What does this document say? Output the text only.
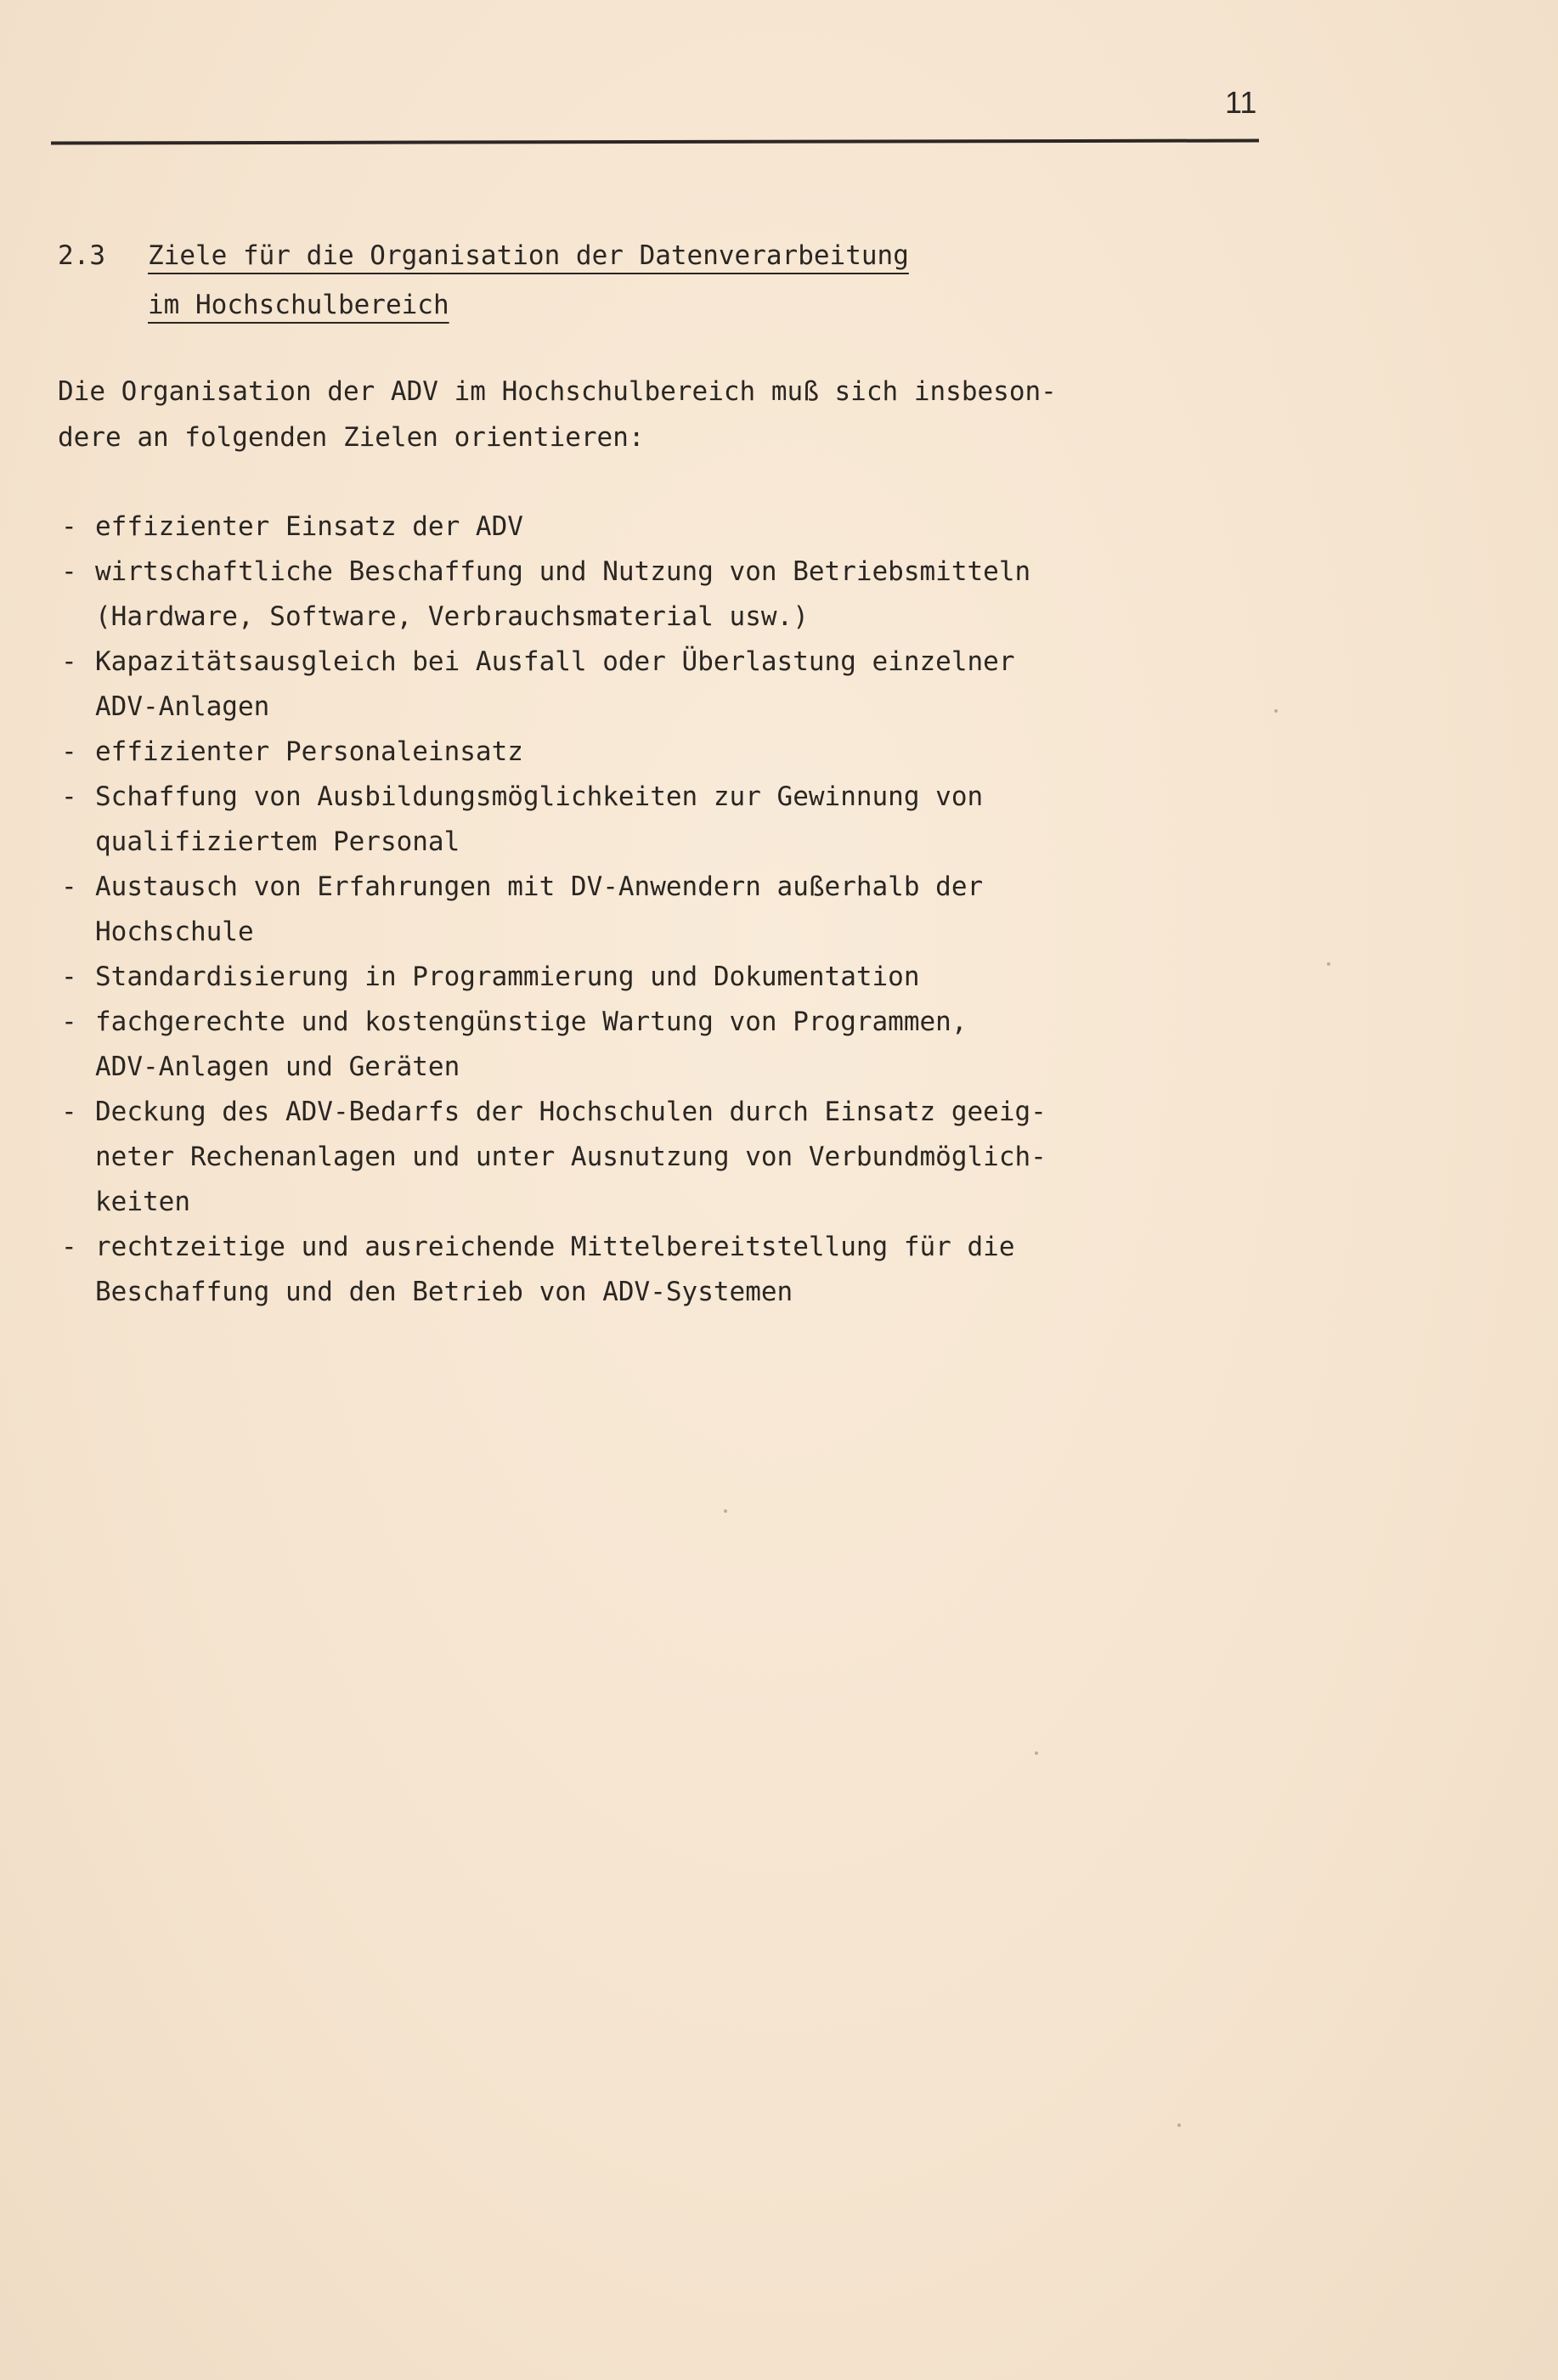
11
2.3 Ziele für die Organisation der Datenverarbeitung
im Hochschulbereich
Die Organisation der ADV im Hochschulbereich muß sich insbeson-
dere an folgenden Zielen orientieren:
- effizienter Einsatz der ADV
- wirtschaftliche Beschaffung und Nutzung von Betriebsmitteln
(Hardware, Software, Verbrauchsmaterial usw.)
- Kapazitätsausgleich bei Ausfall oder Überlastung einzelner
ADV-Anlagen
- effizienter Personaleinsatz
- Schaffung von Ausbildungsmöglichkeiten zur Gewinnung von
qualifiziertem Personal
- Austausch von Erfahrungen mit DV-Anwendern außerhalb der
Hochschule
- Standardisierung in Programmierung und Dokumentation
- fachgerechte und kostengünstige Wartung von Programmen,
ADV-Anlagen und Geräten
- Deckung des ADV-Bedarfs der Hochschulen durch Einsatz geeig-
neter Rechenanlagen und unter Ausnutzung von Verbundmöglich-
keiten
- rechtzeitige und ausreichende Mittelbereitstellung für die
Beschaffung und den Betrieb von ADV-Systemen
